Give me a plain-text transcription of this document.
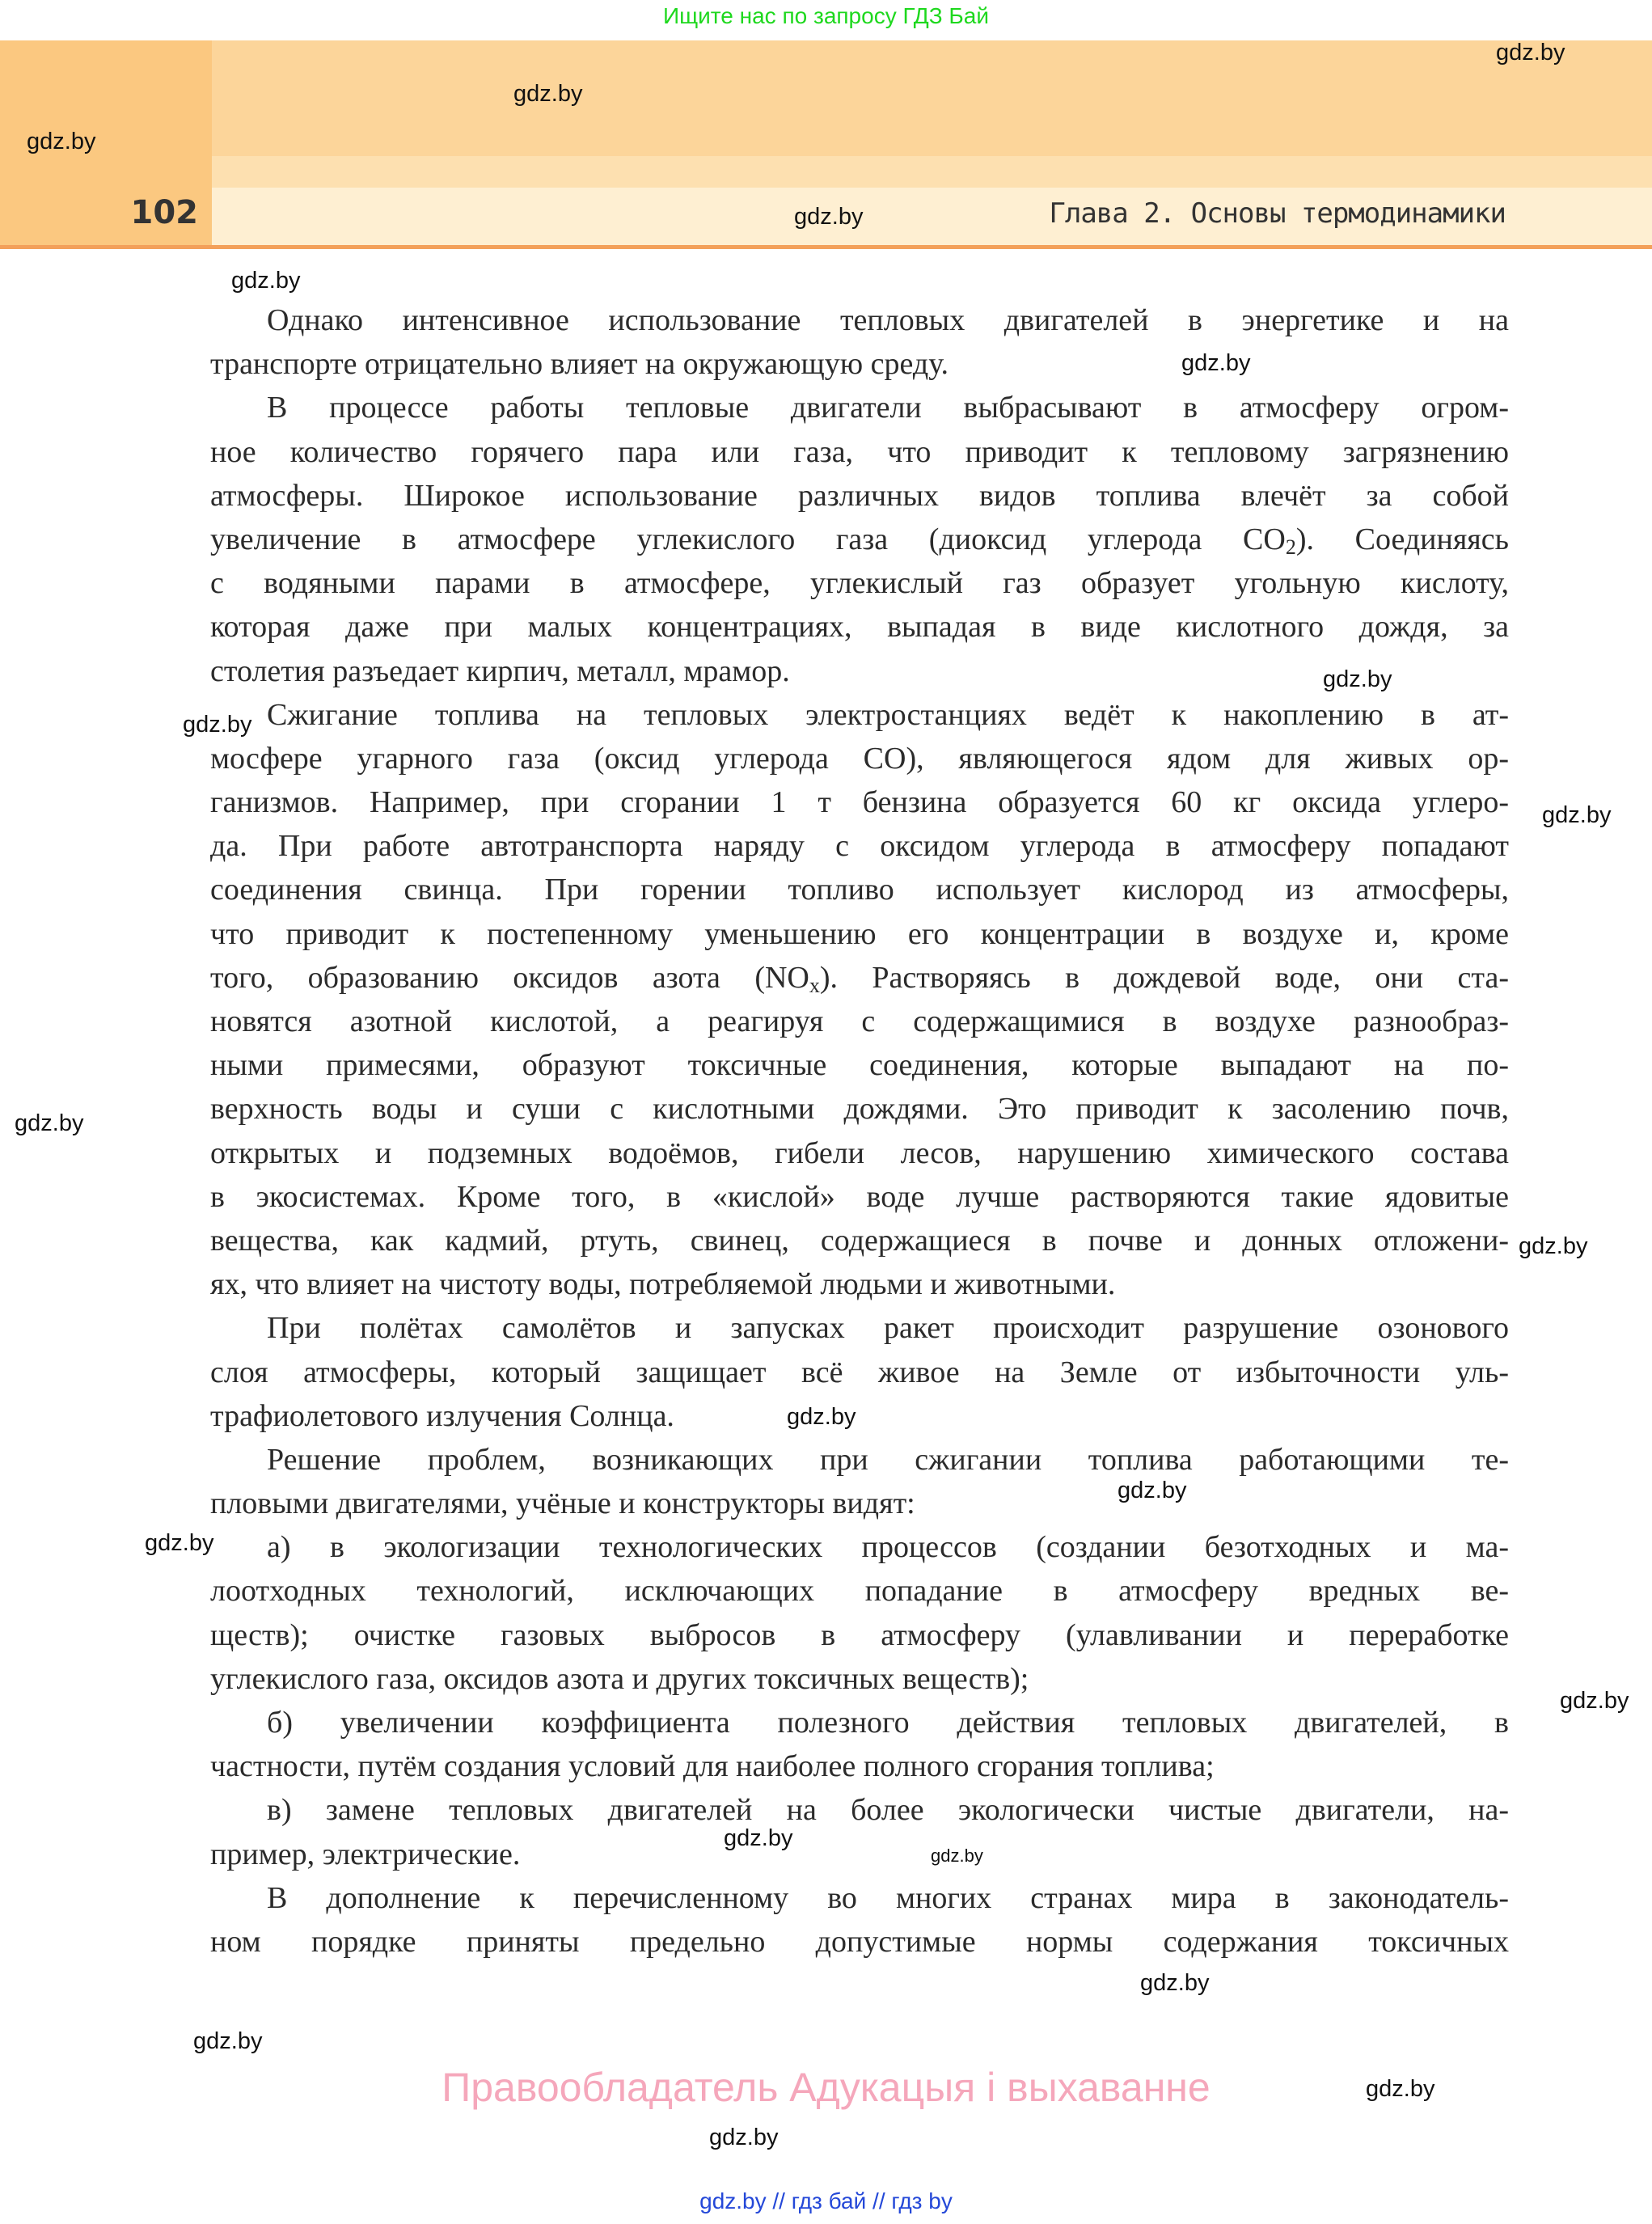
Ищите нас по запросу ГДЗ Бай
102	Глава 2. Основы термодинамики
Однако интенсивное использование тепловых двигателей в энергетике и на
транспорте отрицательно влияет на окружающую среду.
В процессе работы тепловые двигатели выбрасывают в атмосферу огром-
ное количество горячего пара или газа, что приводит к тепловому загрязнению
атмосферы. Широкое использование различных видов топлива влечёт за собой
увеличение в атмосфере углекислого газа (диоксид углерода $CO_2$). Соединяясь
с водяными парами в атмосфере, углекислый газ образует угольную кислоту,
которая даже при малых концентрациях, выпадая в виде кислотного дождя, за
столетия разъедает кирпич, металл, мрамор.
Сжигание топлива на тепловых электростанциях ведёт к накоплению в ат-
мосфере угарного газа (оксид углерода CO), являющегося ядом для живых ор-
ганизмов. Например, при сгорании 1 т бензина образуется 60 кг оксида углеро-
да. При работе автотранспорта наряду с оксидом углерода в атмосферу попадают
соединения свинца. При горении топливо использует кислород из атмосферы,
что приводит к постепенному уменьшению его концентрации в воздухе и, кроме
того, образованию оксидов азота $(NO_x)$. Растворяясь в дождевой воде, они ста-
новятся азотной кислотой, а реагируя с содержащимися в воздухе разнообраз-
ными примесями, образуют токсичные соединения, которые выпадают на по-
верхность воды и суши с кислотными дождями. Это приводит к засолению почв,
открытых и подземных водоёмов, гибели лесов, нарушению химического состава
в экосистемах. Кроме того, в «кислой» воде лучше растворяются такие ядовитые
вещества, как кадмий, ртуть, свинец, содержащиеся в почве и донных отложени-
ях, что влияет на чистоту воды, потребляемой людьми и животными.
При полётах самолётов и запусках ракет происходит разрушение озонового
слоя атмосферы, который защищает всё живое на Земле от избыточности уль-
трафиолетового излучения Солнца.
Решение проблем, возникающих при сжигании топлива работающими те-
пловыми двигателями, учёные и конструкторы видят:
а) в экологизации технологических процессов (создании безотходных и ма-
лоотходных технологий, исключающих попадание в атмосферу вредных ве-
ществ); очистке газовых выбросов в атмосферу (улавливании и переработке
углекислого газа, оксидов азота и других токсичных веществ);
б) увеличении коэффициента полезного действия тепловых двигателей, в
частности, путём создания условий для наиболее полного сгорания топлива;
в) замене тепловых двигателей на более экологически чистые двигатели, на-
пример, электрические.
В дополнение к перечисленному во многих странах мира в законодатель-
ном порядке приняты предельно допустимые нормы содержания токсичных
gdz.by
gdz.by
gdz.by
gdz.by
gdz.by
gdz.by
gdz.by
gdz.by
gdz.by
gdz.by
gdz.by
gdz.by
gdz.by
gdz.by
gdz.by
gdz.by
gdz.by
gdz.by
gdz.by
gdz.by
gdz.by
Правообладатель Адукацыя і выхаванне
gdz.by // гдз бай // гдз by
